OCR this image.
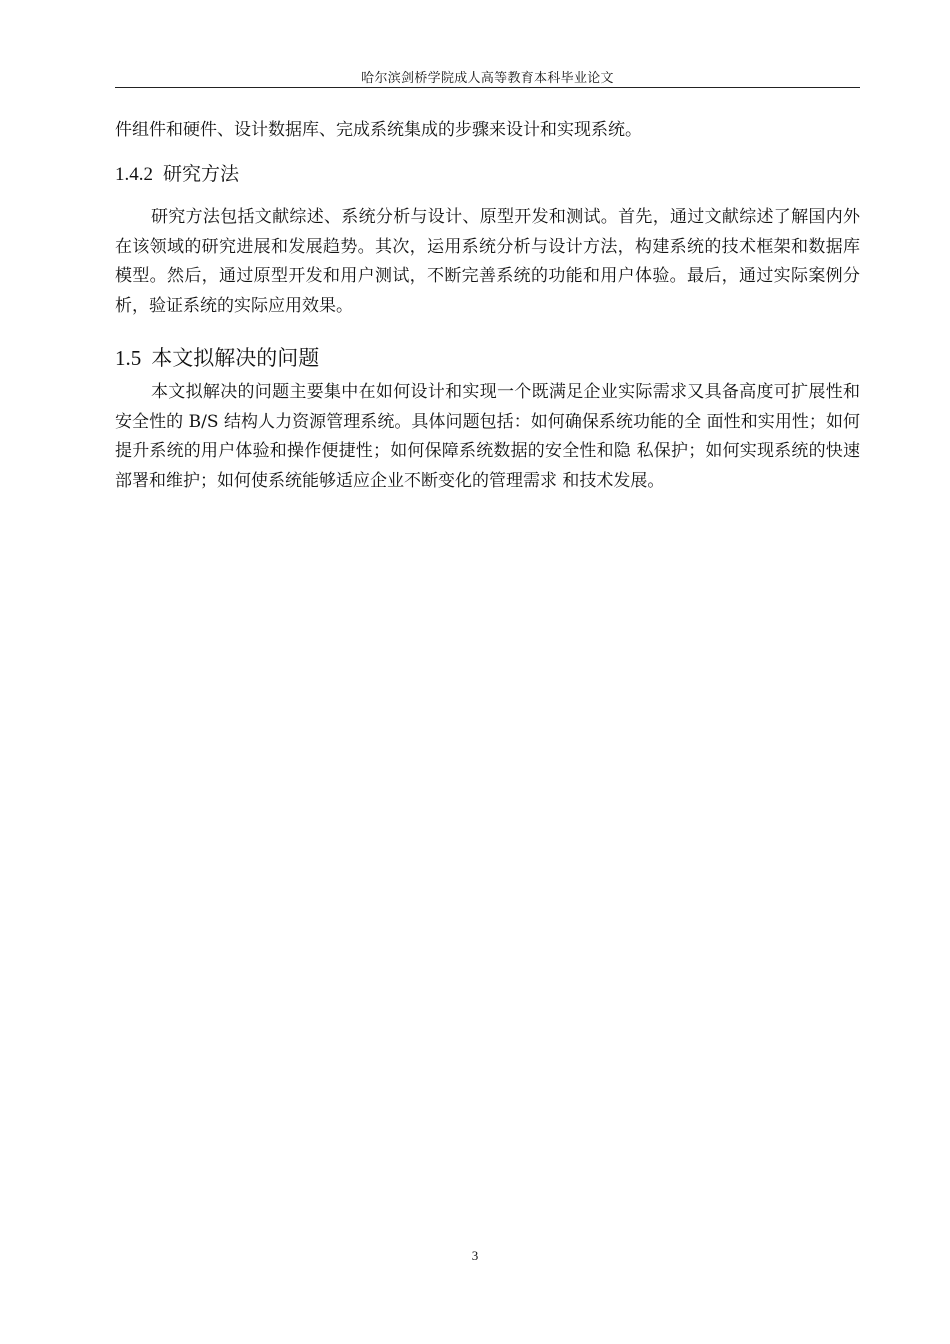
哈尔滨剑桥学院成人高等教育本科毕业论文

件组件和硬件、设计数据库、完成系统集成的步骤来设计和实现系统。

1.4.2 研究方法

研究方法包括文献综述、系统分析与设计、原型开发和测试。首先，通过文献综述了解国内外在该领域的研究进展和发展趋势。其次，运用系统分析与设计方法，构建系统的技术框架和数据库模型。然后，通过原型开发和用户测试，不断完善系统的功能和用户体验。最后，通过实际案例分析，验证系统的实际应用效果。

1.5 本文拟解决的问题

本文拟解决的问题主要集中在如何设计和实现一个既满足企业实际需求又具备高度可扩展性和安全性的 B/S 结构人力资源管理系统。具体问题包括：如何确保系统功能的全 面性和实用性；如何提升系统的用户体验和操作便捷性；如何保障系统数据的安全性和隐 私保护；如何实现系统的快速部署和维护；如何使系统能够适应企业不断变化的管理需求 和技术发展。

3
